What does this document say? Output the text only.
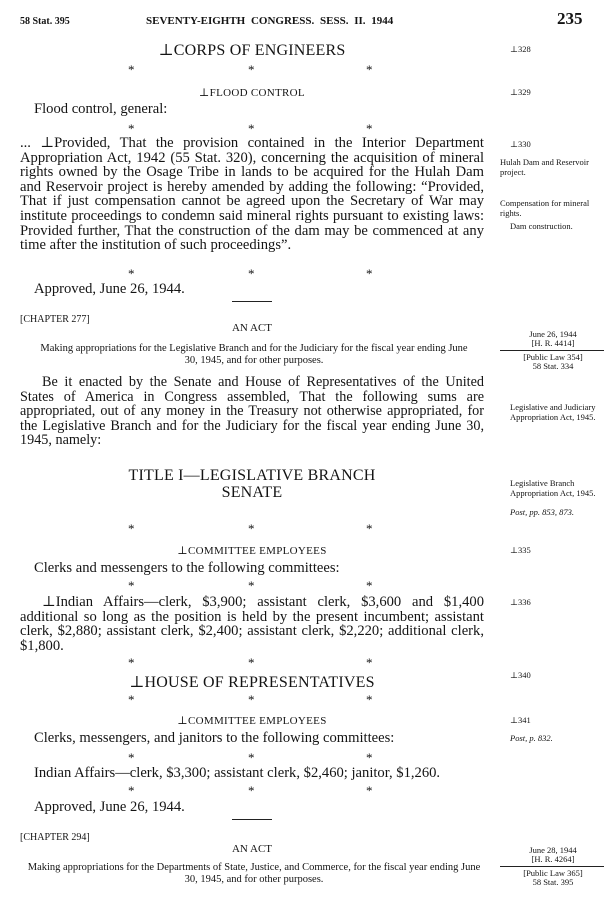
58 Stat. 395	SEVENTY-EIGHTH CONGRESS. SESS. II. 1944	235
⊥CORPS OF ENGINEERS
*	*	*
⊥FLOOD CONTROL
Flood control, general:
*	*	*
... ⊥Provided, That the provision contained in the Interior Department Appropriation Act, 1942 (55 Stat. 320), concerning the acquisition of mineral rights owned by the Osage Tribe in lands to be acquired for the Hulah Dam and Reservoir project is hereby amended by adding the following: “Provided, That if just compensation cannot be agreed upon the Secretary of War may institute proceedings to condemn said mineral rights pursuant to existing laws: Provided further, That the construction of the dam may be commenced at any time after the institution of such proceedings”.
*	*	*
Approved, June 26, 1944.
[CHAPTER 277]
AN ACT
Making appropriations for the Legislative Branch and for the Judiciary for the fiscal year ending June 30, 1945, and for other purposes.
Be it enacted by the Senate and House of Representatives of the United States of America in Congress assembled, That the following sums are appropriated, out of any money in the Treasury not otherwise appropriated, for the Legislative Branch and for the Judiciary for the fiscal year ending June 30, 1945, namely:
TITLE I—LEGISLATIVE BRANCH
SENATE
*	*	*
⊥COMMITTEE EMPLOYEES
Clerks and messengers to the following committees:
*	*	*
⊥Indian Affairs—clerk, $3,900; assistant clerk, $3,600 and $1,400 additional so long as the position is held by the present incumbent; assistant clerk, $2,880; assistant clerk, $2,400; assistant clerk, $2,220; additional clerk, $1,800.
*	*	*
⊥HOUSE OF REPRESENTATIVES
*	*	*
⊥COMMITTEE EMPLOYEES
Clerks, messengers, and janitors to the following committees:
*	*	*
Indian Affairs—clerk, $3,300; assistant clerk, $2,460; janitor, $1,260.
*	*	*
Approved, June 26, 1944.
[CHAPTER 294]
AN ACT
Making appropriations for the Departments of State, Justice, and Commerce, for the fiscal year ending June 30, 1945, and for other purposes.
⊥328
⊥329
⊥330
Hulah Dam and Reservoir project.
Compensation for mineral rights.
Dam construction.
June 26, 1944
[H. R. 4414]
[Public Law 354]
58 Stat. 334
Legislative and Judiciary Appropriation Act, 1945.
Legislative Branch Appropriation Act, 1945.
Post, pp. 853, 873.
⊥335
⊥336
⊥340
⊥341
Post, p. 832.
June 28, 1944
[H. R. 4264]
[Public Law 365]
58 Stat. 395
